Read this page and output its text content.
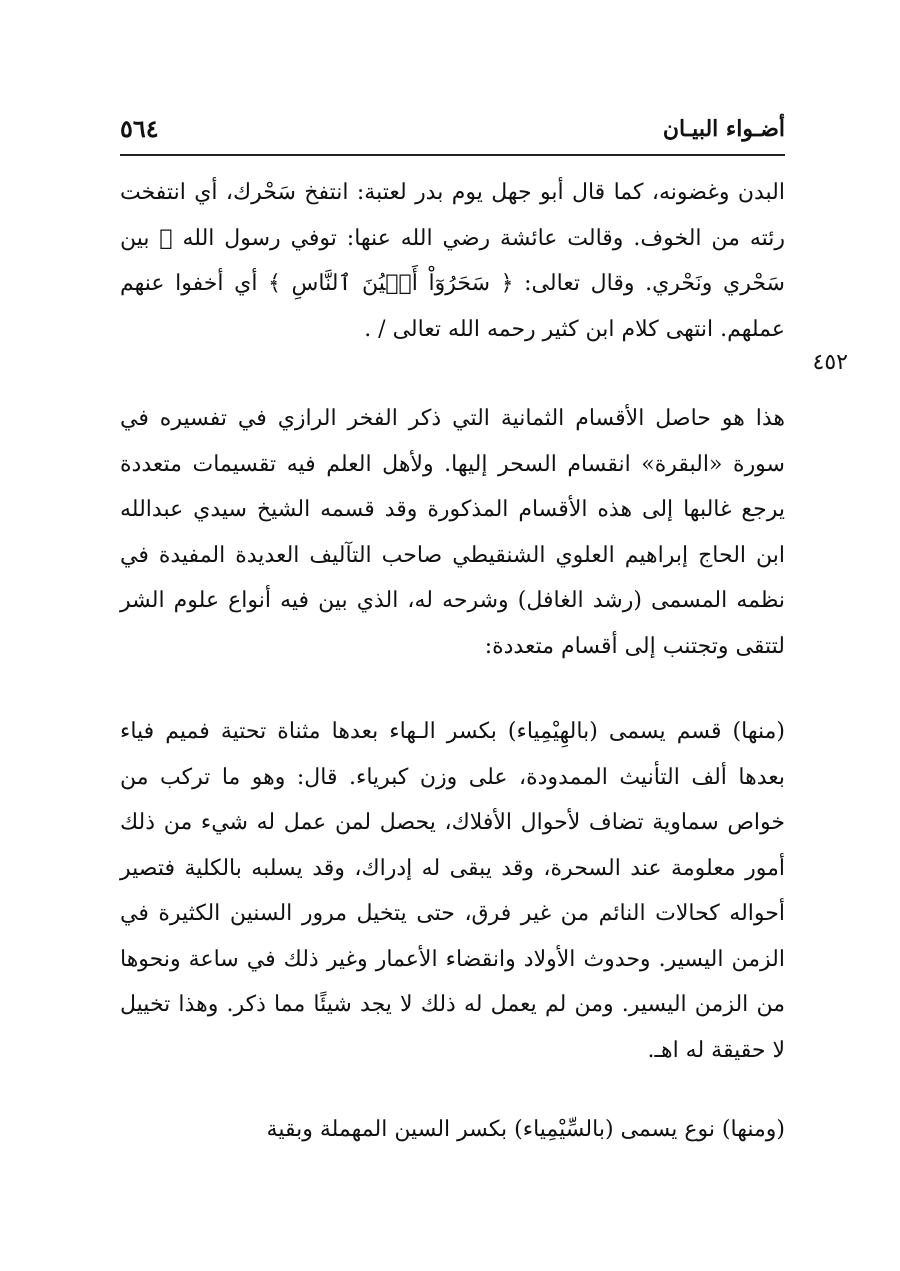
أضـواء البيـان
٥٦٤
٤٥٢

البدن وغضونه، كما قال أبو جهل يوم بدر لعتبة: انتفخ سَحْرك، أي انتفخت رئته من الخوف. وقالت عائشة رضي الله عنها: توفي رسول الله ﷺ بين سَحْري ونَحْري. وقال تعالى: ﴿ سَحَرُوٓاْ أَعۡيُنَ ٱلنَّاسِ ﴾ أي أخفوا عنهم عملهم. انتهى كلام ابن كثير رحمه الله تعالى / .

هذا هو حاصل الأقسام الثمانية التي ذكر الفخر الرازي في تفسيره في سورة «البقرة» انقسام السحر إليها. ولأهل العلم فيه تقسيمات متعددة يرجع غالبها إلى هذه الأقسام المذكورة وقد قسمه الشيخ سيدي عبدالله ابن الحاج إبراهيم العلوي الشنقيطي صاحب التآليف العديدة المفيدة في نظمه المسمى (رشد الغافل) وشرحه له، الذي بين فيه أنواع علوم الشر لتتقى وتجتنب إلى أقسام متعددة:

(منها) قسم يسمى (بالهِيْمِياء) بكسر الـهاء بعدها مثناة تحتية فميم فياء بعدها ألف التأنيث الممدودة، على وزن كبرياء. قال: وهو ما تركب من خواص سماوية تضاف لأحوال الأفلاك، يحصل لمن عمل له شيء من ذلك أمور معلومة عند السحرة، وقد يبقى له إدراك، وقد يسلبه بالكلية فتصير أحواله كحالات النائم من غير فرق، حتى يتخيل مرور السنين الكثيرة في الزمن اليسير. وحدوث الأولاد وانقضاء الأعمار وغير ذلك في ساعة ونحوها من الزمن اليسير. ومن لم يعمل له ذلك لا يجد شيئًا مما ذكر. وهذا تخييل لا حقيقة له اهـ.

(ومنها) نوع يسمى (بالسِّيْمِياء) بكسر السين المهملة وبقية
